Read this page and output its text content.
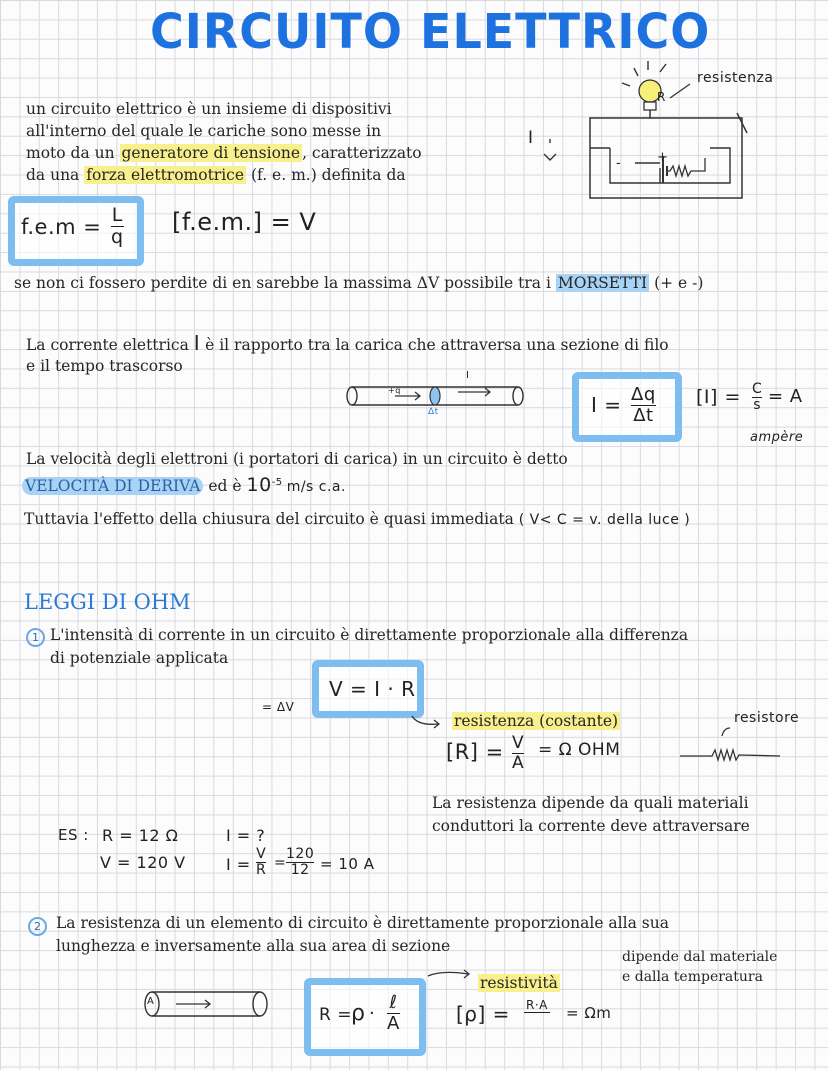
CIRCUITO ELETTRICO
un circuito elettrico è un insieme di dispositivi
all'interno del quale le cariche sono messe in
moto da un generatore di tensione , caratterizzato
da una forza elettromotrice (f. e. m.) definita da
resistenza
R
I
-	+
$f.e.m = \frac{L}{q} [f.e.m.] = V$
se non ci fossero perdite di en sarebbe la massima ΔV possibile tra i MORSETTI (+ e -)
La corrente elettrica I è il rapporto tra la carica che attraversa una sezione di filo
e il tempo trascorso
I
+q
Δt	$I = \frac{\Delta q}{\Delta t} [I] = \frac{C}{s} = A$
ampère
La velocità degli elettroni (i portatori di carica) in un circuito è detto
VELOCITÀ DI DERIVA ed è $10^{-5}$ m/s c.a.
Tuttavia l'effetto della chiusura del circuito è quasi immediata ( V< C = v. della luce )
LEGGI DI OHM
1 L'intensità di corrente in un circuito è direttamente proporzionale alla differenza
di potenziale applicata
= ΔV
V = I · R
resistenza (costante)	resistore
$[R] = \frac{V}{A} = \Omega$ OHM
La resistenza dipende da quali materiali
conduttori la corrente deve attraversare
ES : R = 12 Ω
V = 120 V
I = ?
$I = \frac{V}{R} = \frac{120}{12} = 10$ A
2 La resistenza di un elemento di circuito è direttamente proporzionale alla sua
lunghezza e inversamente alla sua area di sezione
dipende dal materiale
e dalla temperatura
resistività
A
R = ρ ·
ℓ
A	[ρ] = R·A = Ωm
